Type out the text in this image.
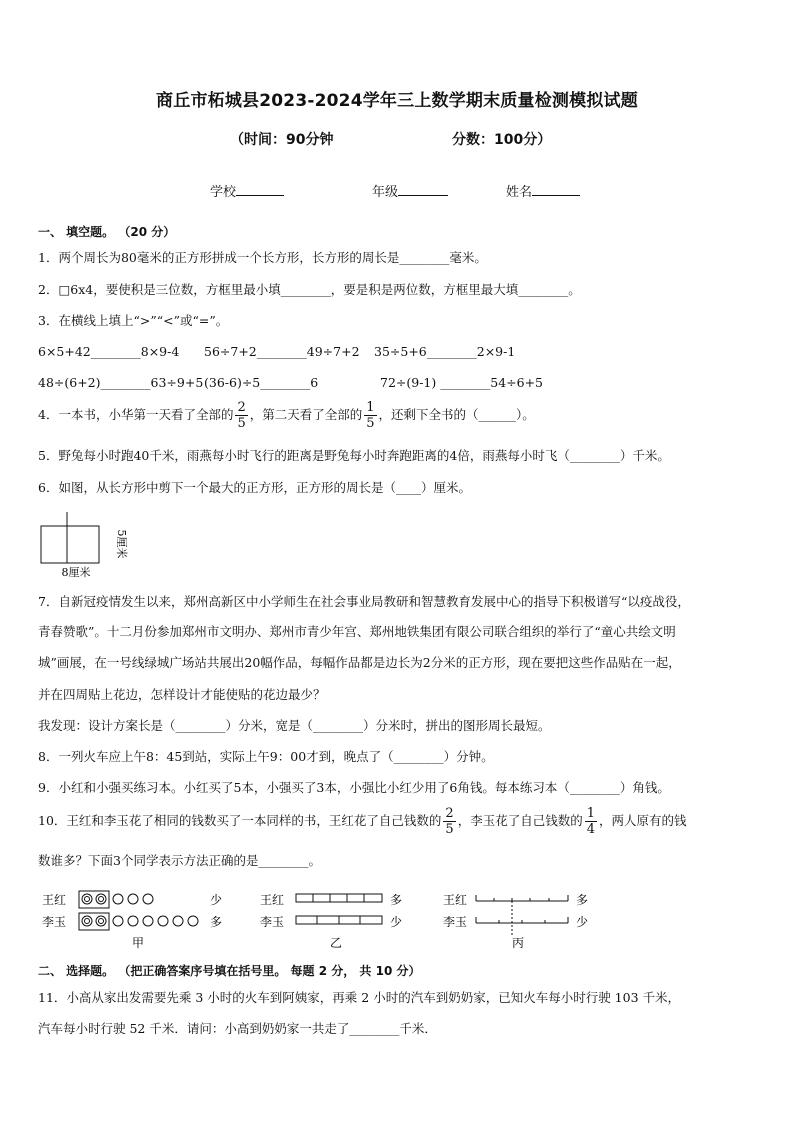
商丘市柘城县2023-2024学年三上数学期末质量检测模拟试题
（时间：90分钟	分数：100分）
学校	年级	姓名
一、 填空题。 （20 分）
1．两个周长为80毫米的正方形拼成一个长方形，长方形的周长是________毫米。
2．□6x4，要使积是三位数，方框里最小填________，要是积是两位数，方框里最大填________。
3．在横线上填上“>”“<”或“=”。
6×5+42________8×9-4 56÷7+2________49÷7+2 35÷5+6________2×9-1
48÷(6+2)________63÷9+5 (36-6)÷5________6	72÷(9-1) ________54÷6+5
4．一本书，小华第一天看了全部的 $\frac{2}{5}$ ，第二天看了全部的 $\frac{1}{5}$ ，还剩下全书的（______）。
5．野兔每小时跑40千米，雨燕每小时飞行的距离是野兔每小时奔跑距离的4倍，雨燕每小时飞（________）千米。
6．如图，从长方形中剪下一个最大的正方形，正方形的周长是（____）厘米。
5厘米
8厘米
7．自新冠疫情发生以来，郑州高新区中小学师生在社会事业局教研和智慧教育发展中心的指导下积极谱写“以疫战役，
青春赞歌”。十二月份参加郑州市文明办、郑州市青少年宫、郑州地铁集团有限公司联合组织的举行了“童心共绘文明
城”画展，在一号线绿城广场站共展出20幅作品，每幅作品都是边长为2分米的正方形，现在要把这些作品贴在一起，
并在四周贴上花边，怎样设计才能使贴的花边最少？
我发现：设计方案长是（________）分米，宽是（________）分米时，拼出的图形周长最短。
8．一列火车应上午8：45到站，实际上午9：00才到，晚点了（________）分钟。
9．小红和小强买练习本。小红买了5本，小强买了3本，小强比小红少用了6角钱。每本练习本（________）角钱。
10．王红和李玉花了相同的钱数买了一本同样的书，王红花了自己钱数的 $\frac{2}{5}$ ，李玉花了自己钱数的 $\frac{1}{4}$ ，两人原有的钱
数谁多？下面3个同学表示方法正确的是________。
王红
李玉
少
多
甲
王红
李玉
多
少
乙
王红
李玉
多
少
丙
二、 选择题。 （把正确答案序号填在括号里。 每题 2 分， 共 10 分）
11．小高从家出发需要先乘 3 小时的火车到阿姨家，再乘 2 小时的汽车到奶奶家，已知火车每小时行驶 103 千米，
汽车每小时行驶 52 千米．请问：小高到奶奶家一共走了________千米．
